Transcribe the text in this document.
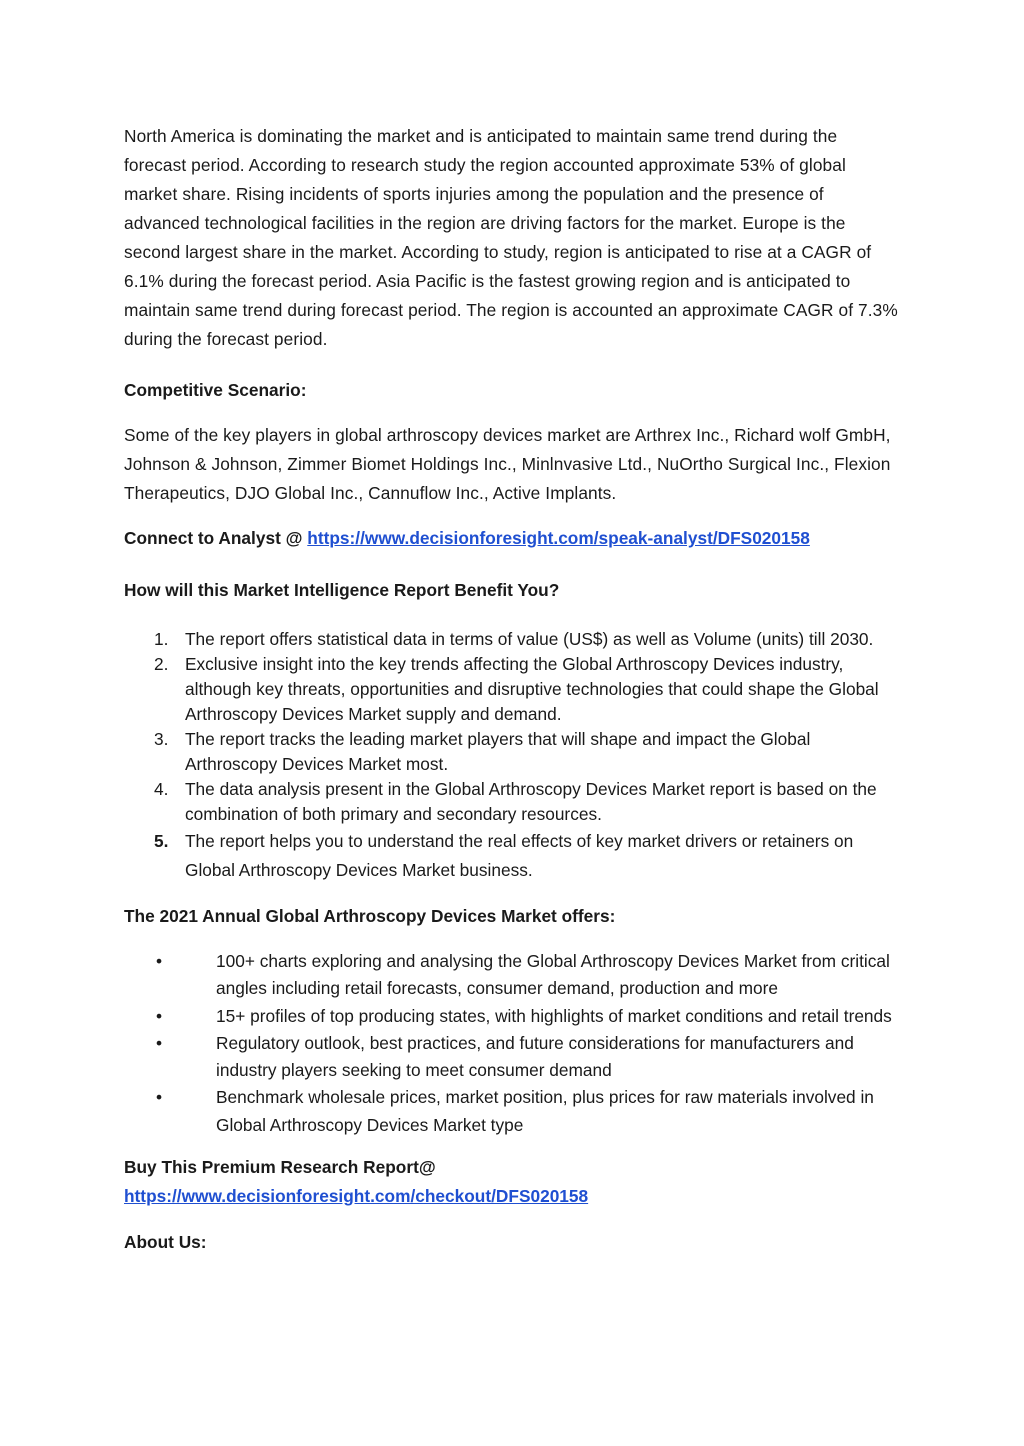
North America is dominating the market and is anticipated to maintain same trend during the forecast period. According to research study the region accounted approximate 53% of global market share. Rising incidents of sports injuries among the population and the presence of advanced technological facilities in the region are driving factors for the market. Europe is the second largest share in the market. According to study, region is anticipated to rise at a CAGR of 6.1% during the forecast period. Asia Pacific is the fastest growing region and is anticipated to maintain same trend during forecast period. The region is accounted an approximate CAGR of 7.3% during the forecast period.

Competitive Scenario:

Some of the key players in global arthroscopy devices market are Arthrex Inc., Richard wolf GmbH, Johnson & Johnson, Zimmer Biomet Holdings Inc., Minlnvasive Ltd., NuOrtho Surgical Inc., Flexion Therapeutics, DJO Global Inc., Cannuflow Inc., Active Implants.

Connect to Analyst @ https://www.decisionforesight.com/speak-analyst/DFS020158

How will this Market Intelligence Report Benefit You?

1. The report offers statistical data in terms of value (US$) as well as Volume (units) till 2030.
2. Exclusive insight into the key trends affecting the Global Arthroscopy Devices industry, although key threats, opportunities and disruptive technologies that could shape the Global Arthroscopy Devices Market supply and demand.
3. The report tracks the leading market players that will shape and impact the Global Arthroscopy Devices Market most.
4. The data analysis present in the Global Arthroscopy Devices Market report is based on the combination of both primary and secondary resources.
5. The report helps you to understand the real effects of key market drivers or retainers on Global Arthroscopy Devices Market business.

The 2021 Annual Global Arthroscopy Devices Market offers:

•	100+ charts exploring and analysing the Global Arthroscopy Devices Market from critical angles including retail forecasts, consumer demand, production and more
•	15+ profiles of top producing states, with highlights of market conditions and retail trends
•	Regulatory outlook, best practices, and future considerations for manufacturers and industry players seeking to meet consumer demand
•	Benchmark wholesale prices, market position, plus prices for raw materials involved in Global Arthroscopy Devices Market type

Buy This Premium Research Report@

https://www.decisionforesight.com/checkout/DFS020158

About Us:
